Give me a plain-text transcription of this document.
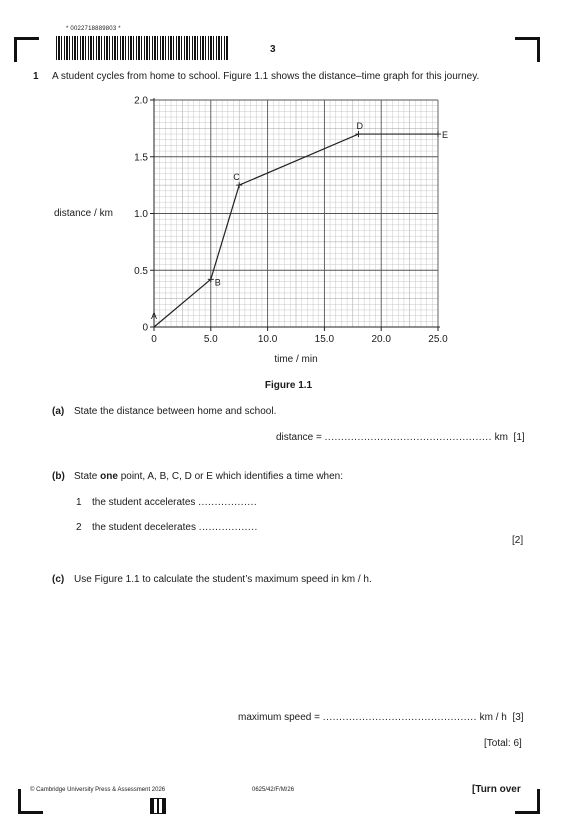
* 0022718889803 *
3
1 A student cycles from home to school. Figure 1.1 shows the distance–time graph for this journey.
0	5.0	10.0	15.0	20.0	25.0
0
0.5
1.0
1.5
2.0
A
B
C
D
E
distance / km
time / min
Figure 1.1
(a) State the distance between home and school.
distance = ................................................... km [1]
(b) State one point, A, B, C, D or E which identifies a time when:
1 the student accelerates ..................
2 the student decelerates ..................
[2]
(c) Use Figure 1.1 to calculate the student’s maximum speed in km / h.
maximum speed = ............................................... km / h [3]
[Total: 6]
© Cambridge University Press & Assessment 2026	0625/42/F/M/26	[Turn over
